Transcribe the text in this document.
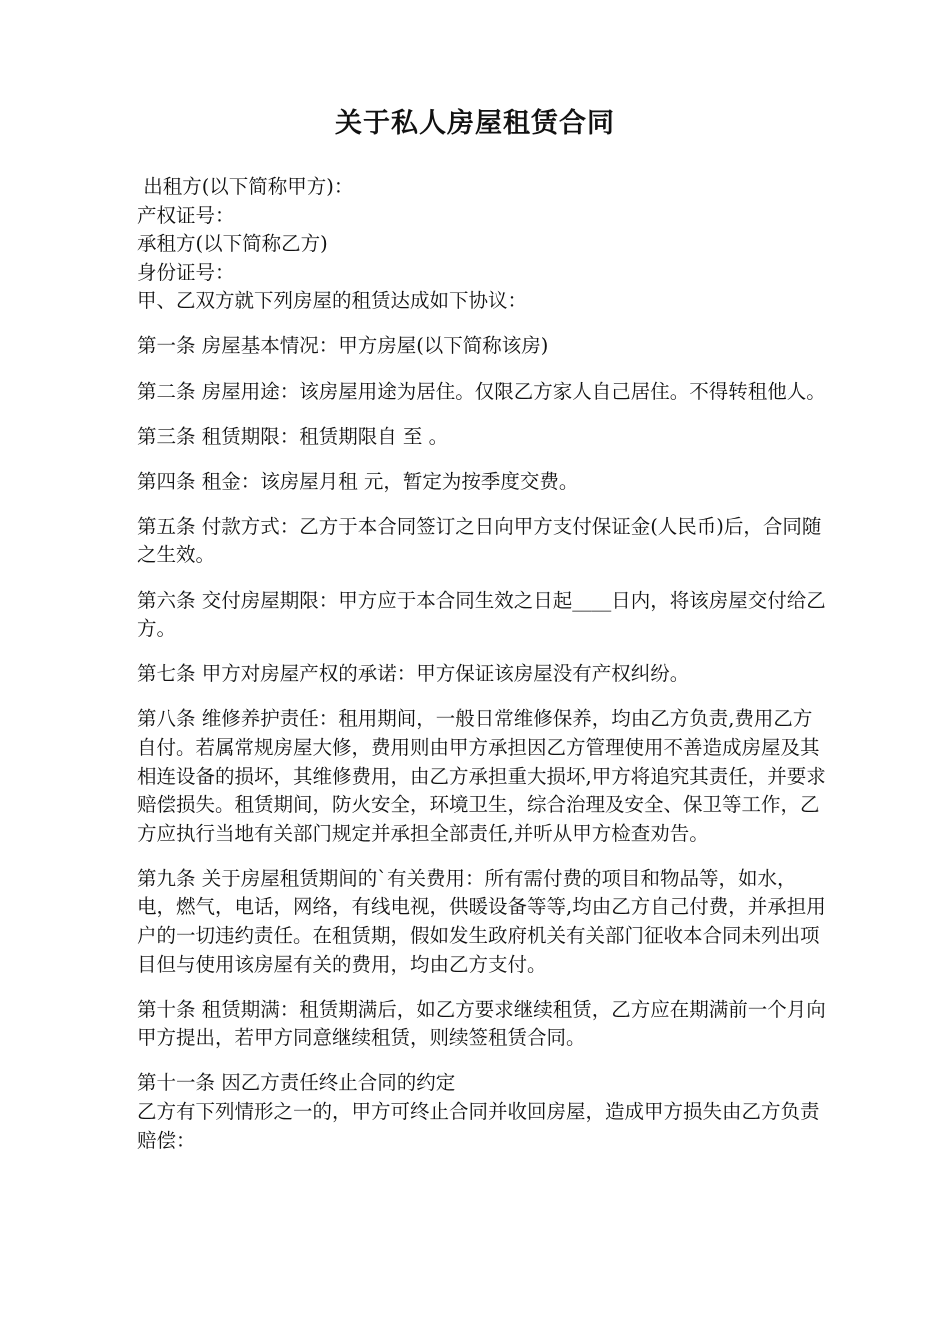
关于私人房屋租赁合同

出租方(以下简称甲方)：

产权证号：

承租方(以下简称乙方)

身份证号：

甲、乙双方就下列房屋的租赁达成如下协议：

第一条 房屋基本情况：甲方房屋(以下简称该房)

第二条 房屋用途：该房屋用途为居住。仅限乙方家人自己居住。不得转租他人。

第三条 租赁期限：租赁期限自 至 。

第四条 租金：该房屋月租 元，暂定为按季度交费。

第五条 付款方式：乙方于本合同签订之日向甲方支付保证金(人民币)后，合同随之生效。

第六条 交付房屋期限：甲方应于本合同生效之日起____日内，将该房屋交付给乙方。

第七条 甲方对房屋产权的承诺：甲方保证该房屋没有产权纠纷。

第八条 维修养护责任：租用期间，一般日常维修保养，均由乙方负责,费用乙方自付。若属常规房屋大修，费用则由甲方承担因乙方管理使用不善造成房屋及其相连设备的损坏，其维修费用，由乙方承担重大损坏,甲方将追究其责任，并要求赔偿损失。租赁期间，防火安全，环境卫生，综合治理及安全、保卫等工作，乙方应执行当地有关部门规定并承担全部责任,并听从甲方检查劝告。

第九条 关于房屋租赁期间的`有关费用：所有需付费的项目和物品等，如水，电，燃气，电话，网络，有线电视，供暖设备等等,均由乙方自己付费，并承担用户的一切违约责任。在租赁期，假如发生政府机关有关部门征收本合同未列出项目但与使用该房屋有关的费用，均由乙方支付。

第十条 租赁期满：租赁期满后，如乙方要求继续租赁，乙方应在期满前一个月向甲方提出，若甲方同意继续租赁，则续签租赁合同。

第十一条 因乙方责任终止合同的约定

乙方有下列情形之一的，甲方可终止合同并收回房屋，造成甲方损失由乙方负责赔偿：
